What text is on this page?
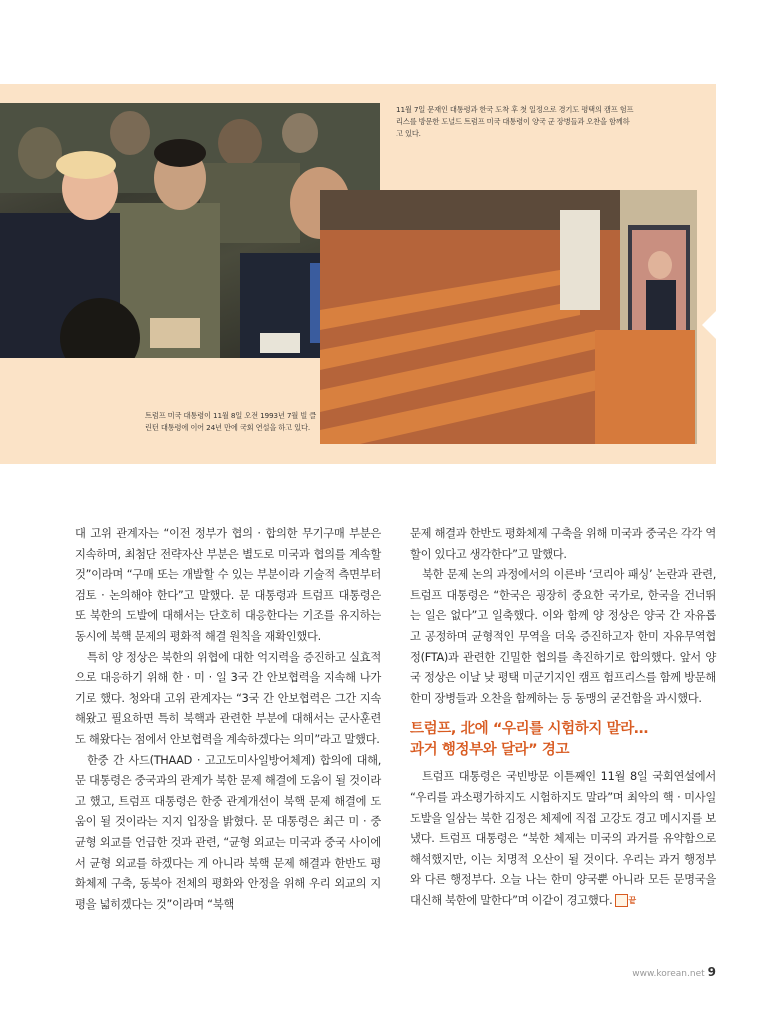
11월 7일 문재인 대통령과 한국 도착 후 첫 일정으로 경기도 평택의 캠프 험프리스를 방문한 도널드 트럼프 미국 대통령이 양국 군 장병들과 오찬을 함께하고 있다.
트럼프 미국 대통령이 11월 8일 오전 1993년 7월 빌 클린턴 대통령에 이어 24년 만에 국회 연설을 하고 있다.

대 고위 관계자는 “이전 정부가 협의 · 합의한 무기구매 부분은 지속하며, 최첨단 전략자산 부분은 별도로 미국과 협의를 계속할 것”이라며 “구매 또는 개발할 수 있는 부분이라 기술적 측면부터 검토 · 논의해야 한다”고 말했다. 문 대통령과 트럼프 대통령은 또 북한의 도발에 대해서는 단호히 대응한다는 기조를 유지하는 동시에 북핵 문제의 평화적 해결 원칙을 재확인했다.

특히 양 정상은 북한의 위협에 대한 억지력을 증진하고 실효적으로 대응하기 위해 한 · 미 · 일 3국 간 안보협력을 지속해 나가기로 했다. 청와대 고위 관계자는 “3국 간 안보협력은 그간 지속해왔고 필요하면 특히 북핵과 관련한 부분에 대해서는 군사훈련도 해왔다는 점에서 안보협력을 계속하겠다는 의미”라고 말했다.

한중 간 사드(THAAD · 고고도미사일방어체계) 합의에 대해, 문 대통령은 중국과의 관계가 북한 문제 해결에 도움이 될 것이라고 했고, 트럼프 대통령은 한중 관계개선이 북핵 문제 해결에 도움이 될 것이라는 지지 입장을 밝혔다. 문 대통령은 최근 미 · 중 균형 외교를 언급한 것과 관련, “균형 외교는 미국과 중국 사이에서 균형 외교를 하겠다는 게 아니라 북핵 문제 해결과 한반도 평화체제 구축, 동북아 전체의 평화와 안정을 위해 우리 외교의 지평을 넓히겠다는 것”이라며 “북핵

문제 해결과 한반도 평화체제 구축을 위해 미국과 중국은 각각 역할이 있다고 생각한다”고 말했다.

북한 문제 논의 과정에서의 이른바 ‘코리아 패싱’ 논란과 관련, 트럼프 대통령은 “한국은 굉장히 중요한 국가로, 한국을 건너뛰는 일은 없다”고 일축했다. 이와 함께 양 정상은 양국 간 자유롭고 공정하며 균형적인 무역을 더욱 증진하고자 한미 자유무역협정(FTA)과 관련한 긴밀한 협의를 촉진하기로 합의했다. 앞서 양국 정상은 이날 낮 평택 미군기지인 캠프 험프리스를 함께 방문해 한미 장병들과 오찬을 함께하는 등 동맹의 굳건함을 과시했다.

트럼프, 北에 “우리를 시험하지 말라…
과거 행정부와 달라” 경고

트럼프 대통령은 국빈방문 이튿째인 11월 8일 국회연설에서 “우리를 과소평가하지도 시험하지도 말라”며 최악의 핵 · 미사일 도발을 일삼는 북한 김정은 체제에 직접 고강도 경고 메시지를 보냈다. 트럼프 대통령은 “북한 체제는 미국의 과거를 유약함으로 해석했지만, 이는 치명적 오산이 될 것이다. 우리는 과거 행정부와 다른 행정부다. 오늘 나는 한미 양국뿐 아니라 모든 문명국을 대신해 북한에 말한다”며 이같이 경고했다. 끝

www.korean.net 9
